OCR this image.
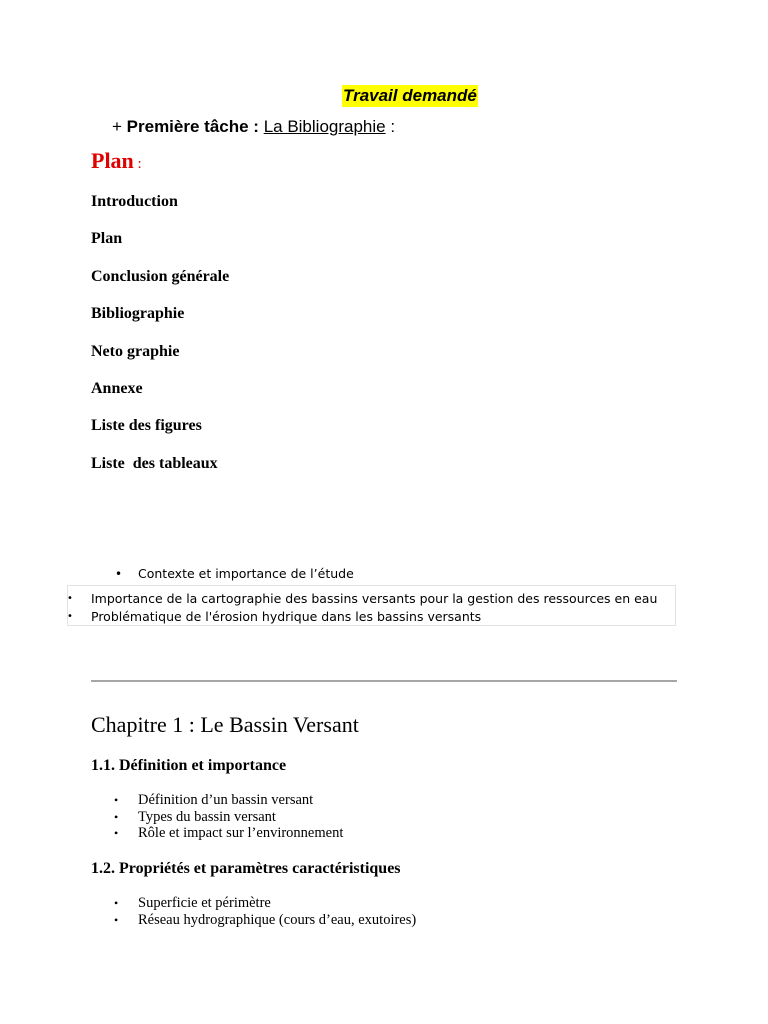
Travail demandé
+ Première tâche : La Bibliographie :
Plan :
Introduction
Plan
Conclusion générale
Bibliographie
Neto graphie
Annexe
Liste des figures
Liste  des tableaux
• Contexte et importance de l’étude
• Importance de la cartographie des bassins versants pour la gestion des ressources en eau
• Problématique de l'érosion hydrique dans les bassins versants
Chapitre 1 : Le Bassin Versant
1.1. Définition et importance
• Définition d’un bassin versant
• Types du bassin versant
• Rôle et impact sur l’environnement
1.2. Propriétés et paramètres caractéristiques
• Superficie et périmètre
• Réseau hydrographique (cours d’eau, exutoires)
